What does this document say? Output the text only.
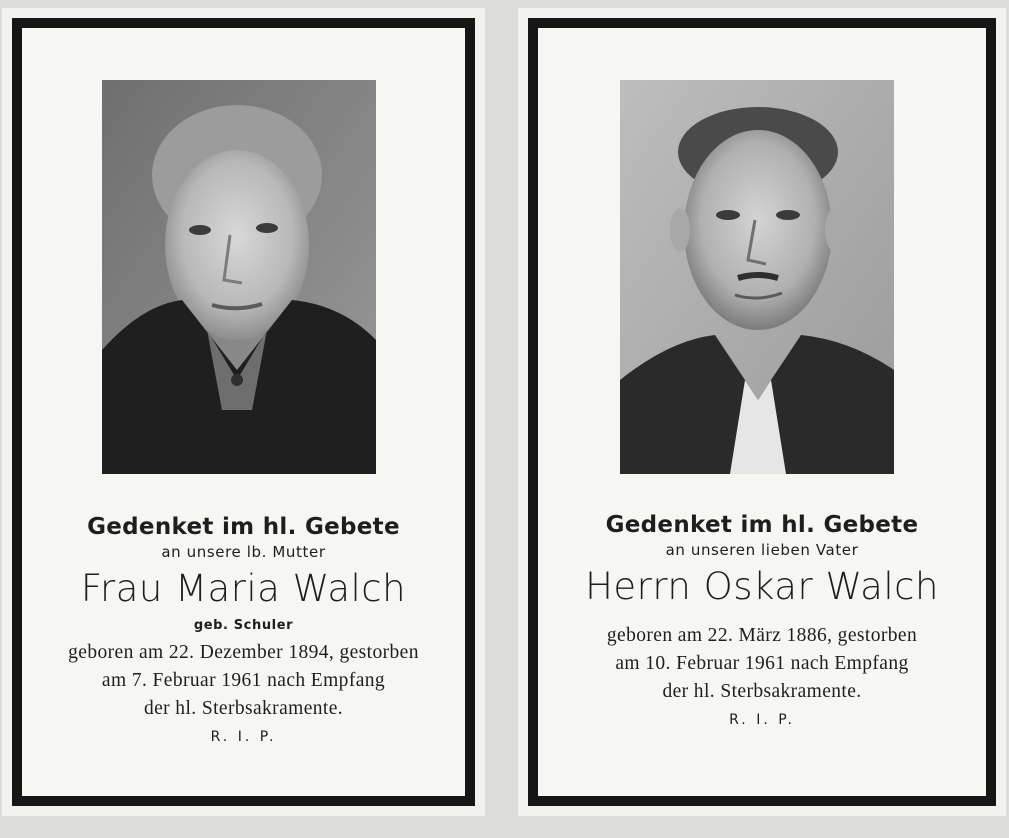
Gedenket im hl. Gebete
an unsere lb. Mutter
Frau Maria Walch
geb. Schuler
geboren am 22. Dezember 1894, gestorben
am 7. Februar 1961 nach Empfang
der hl. Sterbsakramente.
R. I. P.
Gedenket im hl. Gebete
an unseren lieben Vater
Herrn Oskar Walch
geboren am 22. März 1886, gestorben
am 10. Februar 1961 nach Empfang
der hl. Sterbsakramente.
R. I. P.
